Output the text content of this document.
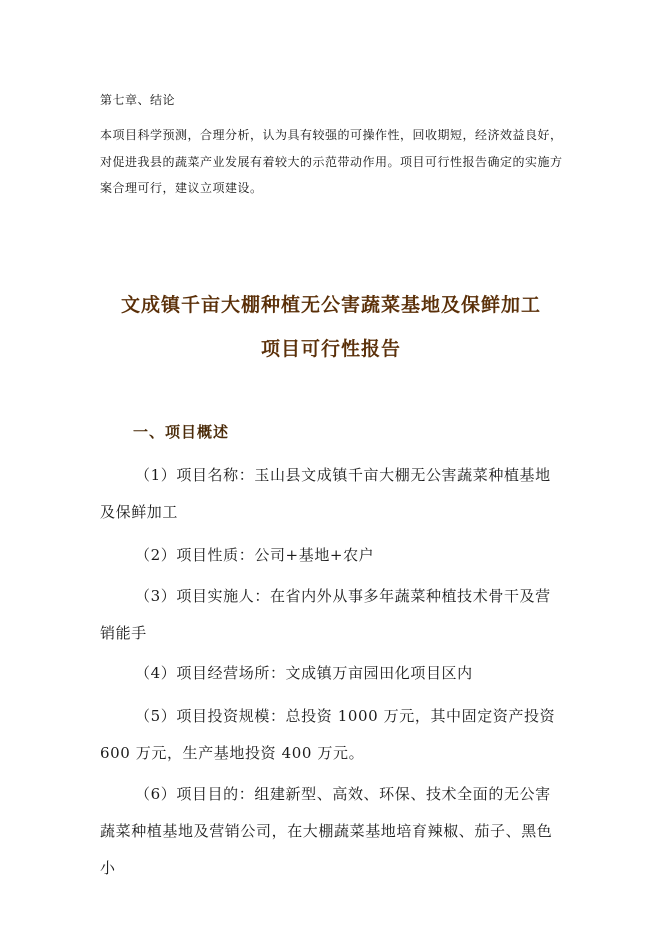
第七章、结论
本项目科学预测，合理分析，认为具有较强的可操作性，回收期短，经济效益良好，对促进我县的蔬菜产业发展有着较大的示范带动作用。项目可行性报告确定的实施方案合理可行，建议立项建设。
文成镇千亩大棚种植无公害蔬菜基地及保鲜加工
项目可行性报告
一、项目概述
（1）项目名称：玉山县文成镇千亩大棚无公害蔬菜种植基地及保鲜加工
（2）项目性质：公司+基地+农户
（3）项目实施人：在省内外从事多年蔬菜种植技术骨干及营销能手
（4）项目经营场所：文成镇万亩园田化项目区内
（5）项目投资规模：总投资 1000 万元，其中固定资产投资 600 万元，生产基地投资 400 万元。
（6）项目目的：组建新型、高效、环保、技术全面的无公害蔬菜种植基地及营销公司，在大棚蔬菜基地培育辣椒、茄子、黑色小
